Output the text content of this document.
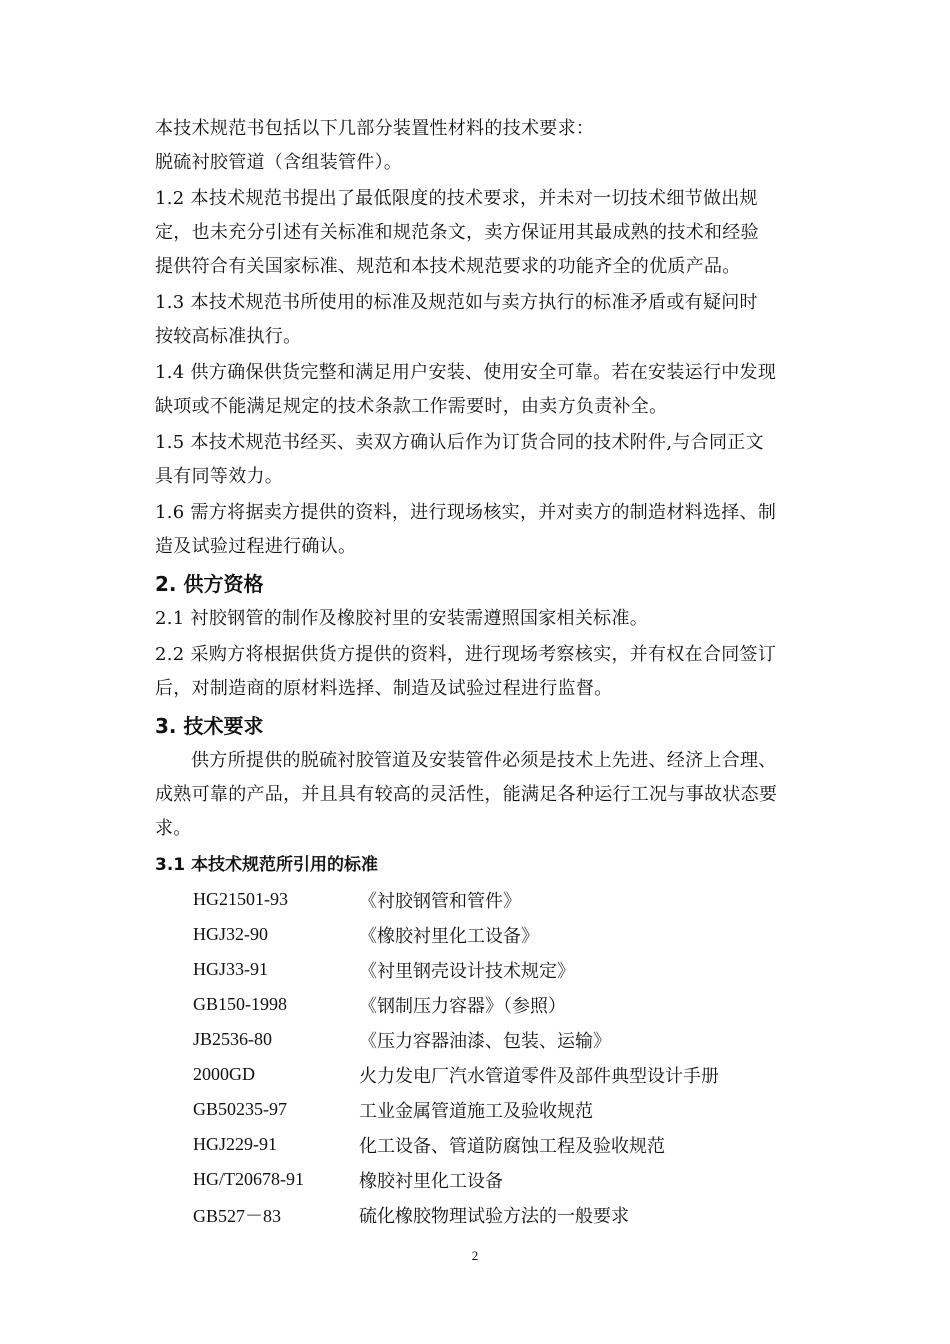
本技术规范书包括以下几部分装置性材料的技术要求：
脱硫衬胶管道（含组装管件）。
1.2 本技术规范书提出了最低限度的技术要求，并未对一切技术细节做出规
定，也未充分引述有关标准和规范条文，卖方保证用其最成熟的技术和经验
提供符合有关国家标准、规范和本技术规范要求的功能齐全的优质产品。
1.3 本技术规范书所使用的标准及规范如与卖方执行的标准矛盾或有疑问时
按较高标准执行。
1.4 供方确保供货完整和满足用户安装、使用安全可靠。若在安装运行中发现
缺项或不能满足规定的技术条款工作需要时，由卖方负责补全。
1.5 本技术规范书经买、卖双方确认后作为订货合同的技术附件,与合同正文
具有同等效力。
1.6 需方将据卖方提供的资料，进行现场核实，并对卖方的制造材料选择、制
造及试验过程进行确认。
2. 供方资格
2.1 衬胶钢管的制作及橡胶衬里的安装需遵照国家相关标准。
2.2 采购方将根据供货方提供的资料，进行现场考察核实，并有权在合同签订
后，对制造商的原材料选择、制造及试验过程进行监督。
3. 技术要求
供方所提供的脱硫衬胶管道及安装管件必须是技术上先进、经济上合理、
成熟可靠的产品，并且具有较高的灵活性，能满足各种运行工况与事故状态要
求。
3.1 本技术规范所引用的标准
HG21501-93	《衬胶钢管和管件》
HGJ32-90	《橡胶衬里化工设备》
HGJ33-91	《衬里钢壳设计技术规定》
GB150-1998	《钢制压力容器》（参照）
JB2536-80	《压力容器油漆、包装、运输》
2000GD	火力发电厂汽水管道零件及部件典型设计手册
GB50235-97	工业金属管道施工及验收规范
HGJ229-91	化工设备、管道防腐蚀工程及验收规范
HG/T20678-91	橡胶衬里化工设备
GB527－83	硫化橡胶物理试验方法的一般要求
2
